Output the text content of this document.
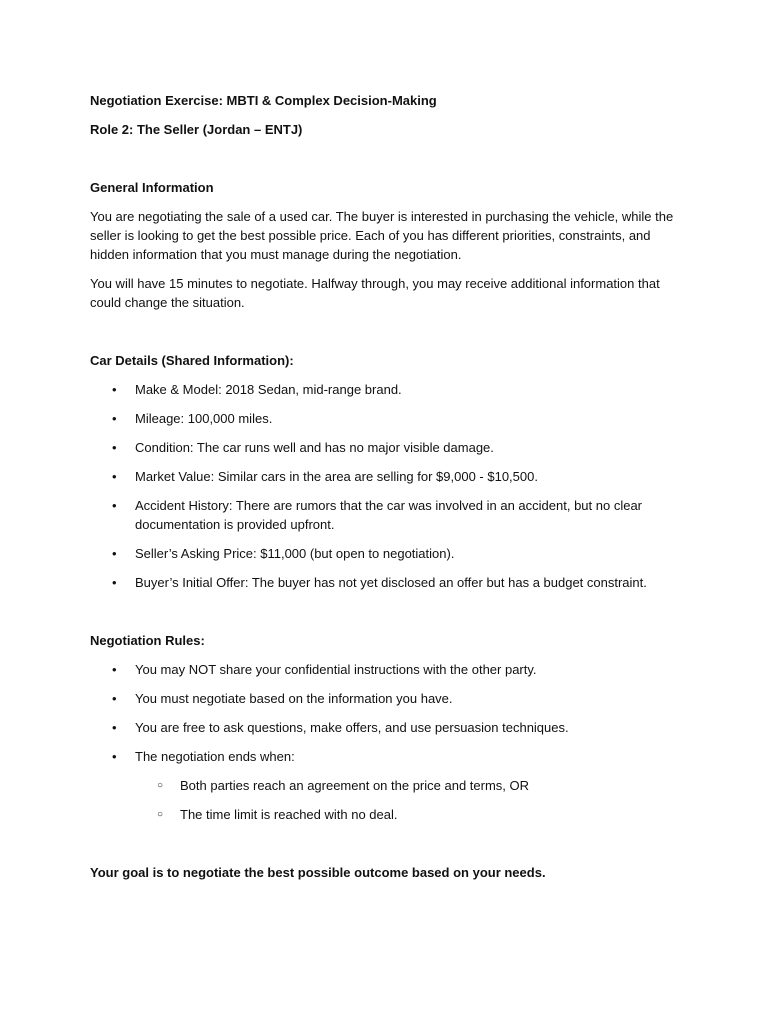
Negotiation Exercise: MBTI & Complex Decision-Making

Role 2: The Seller (Jordan – ENTJ)

General Information

You are negotiating the sale of a used car. The buyer is interested in purchasing the vehicle, while the seller is looking to get the best possible price. Each of you has different priorities, constraints, and hidden information that you must manage during the negotiation.

You will have 15 minutes to negotiate. Halfway through, you may receive additional information that could change the situation.

Car Details (Shared Information):

• Make & Model: 2018 Sedan, mid-range brand.
• Mileage: 100,000 miles.
• Condition: The car runs well and has no major visible damage.
• Market Value: Similar cars in the area are selling for $9,000 - $10,500.
• Accident History: There are rumors that the car was involved in an accident, but no clear documentation is provided upfront.
• Seller’s Asking Price: $11,000 (but open to negotiation).
• Buyer’s Initial Offer: The buyer has not yet disclosed an offer but has a budget constraint.

Negotiation Rules:

• You may NOT share your confidential instructions with the other party.
• You must negotiate based on the information you have.
• You are free to ask questions, make offers, and use persuasion techniques.
• The negotiation ends when:
○ Both parties reach an agreement on the price and terms, OR
○ The time limit is reached with no deal.

Your goal is to negotiate the best possible outcome based on your needs.
